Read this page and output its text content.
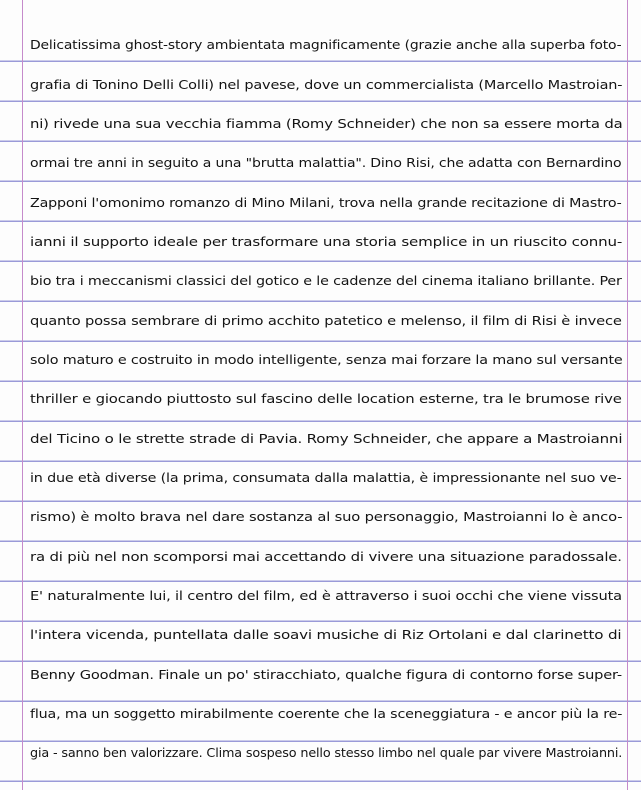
Delicatissima ghost-story ambientata magnificamente (grazie anche alla superba foto-
grafia di Tonino Delli Colli) nel pavese, dove un commercialista (Marcello Mastroian-
ni) rivede una sua vecchia fiamma (Romy Schneider) che non sa essere morta da
ormai tre anni in seguito a una "brutta malattia". Dino Risi, che adatta con Bernardino
Zapponi l'omonimo romanzo di Mino Milani, trova nella grande recitazione di Mastro-
ianni il supporto ideale per trasformare una storia semplice in un riuscito connu-
bio tra i meccanismi classici del gotico e le cadenze del cinema italiano brillante. Per
quanto possa sembrare di primo acchito patetico e melenso, il film di Risi è invece
solo maturo e costruito in modo intelligente, senza mai forzare la mano sul versante
thriller e giocando piuttosto sul fascino delle location esterne, tra le brumose rive
del Ticino o le strette strade di Pavia. Romy Schneider, che appare a Mastroianni
in due età diverse (la prima, consumata dalla malattia, è impressionante nel suo ve-
rismo) è molto brava nel dare sostanza al suo personaggio, Mastroianni lo è anco-
ra di più nel non scomporsi mai accettando di vivere una situazione paradossale.
E' naturalmente lui, il centro del film, ed è attraverso i suoi occhi che viene vissuta
l'intera vicenda, puntellata dalle soavi musiche di Riz Ortolani e dal clarinetto di
Benny Goodman. Finale un po' stiracchiato, qualche figura di contorno forse super-
flua, ma un soggetto mirabilmente coerente che la sceneggiatura - e ancor più la re-
gia - sanno ben valorizzare. Clima sospeso nello stesso limbo nel quale par vivere Mastroianni.
